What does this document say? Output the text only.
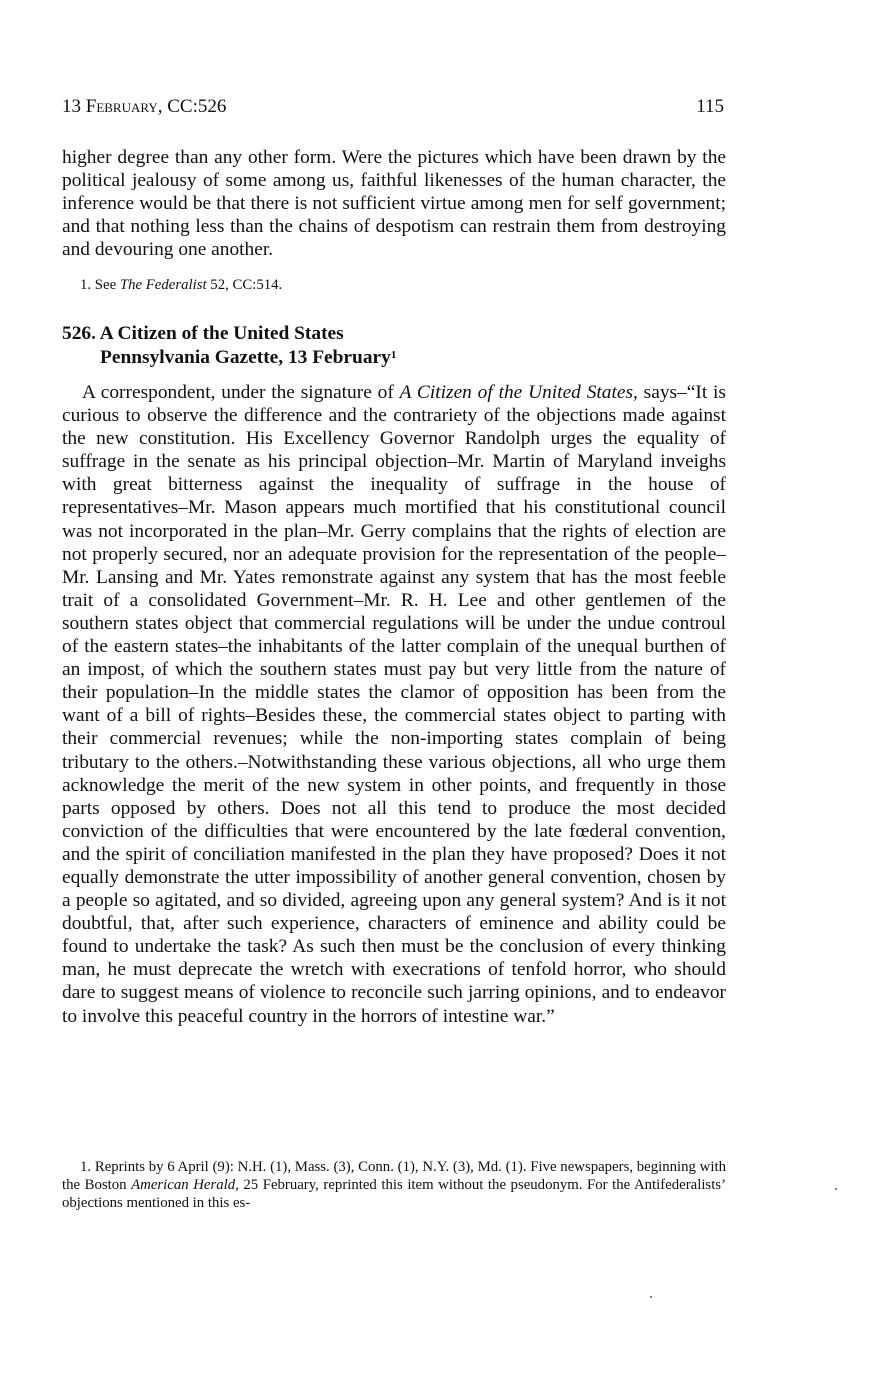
13 February, CC:526	115

higher degree than any other form. Were the pictures which have been drawn by the political jealousy of some among us, faithful likenesses of the human character, the inference would be that there is not sufficient virtue among men for self government; and that nothing less than the chains of despotism can restrain them from destroying and devouring one another.

1. See The Federalist 52, CC:514.

526. A Citizen of the United States
Pennsylvania Gazette, 13 February$^1$

A correspondent, under the signature of A Citizen of the United States, says–“It is curious to observe the difference and the contrariety of the objections made against the new constitution. His Excellency Governor Randolph urges the equality of suffrage in the senate as his principal objection–Mr. Martin of Maryland inveighs with great bitterness against the inequality of suffrage in the house of representatives–Mr. Mason appears much mortified that his constitutional council was not incorporated in the plan–Mr. Gerry complains that the rights of election are not properly secured, nor an adequate provision for the representation of the people–Mr. Lansing and Mr. Yates remonstrate against any system that has the most feeble trait of a consolidated Government–Mr. R. H. Lee and other gentlemen of the southern states object that commercial regulations will be under the undue controul of the eastern states–the inhabitants of the latter complain of the unequal burthen of an impost, of which the southern states must pay but very little from the nature of their population–In the middle states the clamor of opposition has been from the want of a bill of rights–Besides these, the commercial states object to parting with their commercial revenues; while the non-importing states complain of being tributary to the others.–Notwithstanding these various objections, all who urge them acknowledge the merit of the new system in other points, and frequently in those parts opposed by others. Does not all this tend to produce the most decided conviction of the difficulties that were encountered by the late fœderal convention, and the spirit of conciliation manifested in the plan they have proposed? Does it not equally demonstrate the utter impossibility of another general convention, chosen by a people so agitated, and so divided, agreeing upon any general system? And is it not doubtful, that, after such experience, characters of eminence and ability could be found to undertake the task? As such then must be the conclusion of every thinking man, he must deprecate the wretch with execrations of tenfold horror, who should dare to suggest means of violence to reconcile such jarring opinions, and to endeavor to involve this peaceful country in the horrors of intestine war.”

1. Reprints by 6 April (9): N.H. (1), Mass. (3), Conn. (1), N.Y. (3), Md. (1). Five newspapers, beginning with the Boston American Herald, 25 February, reprinted this item without the pseudonym. For the Antifederalists’ objections mentioned in this es-
